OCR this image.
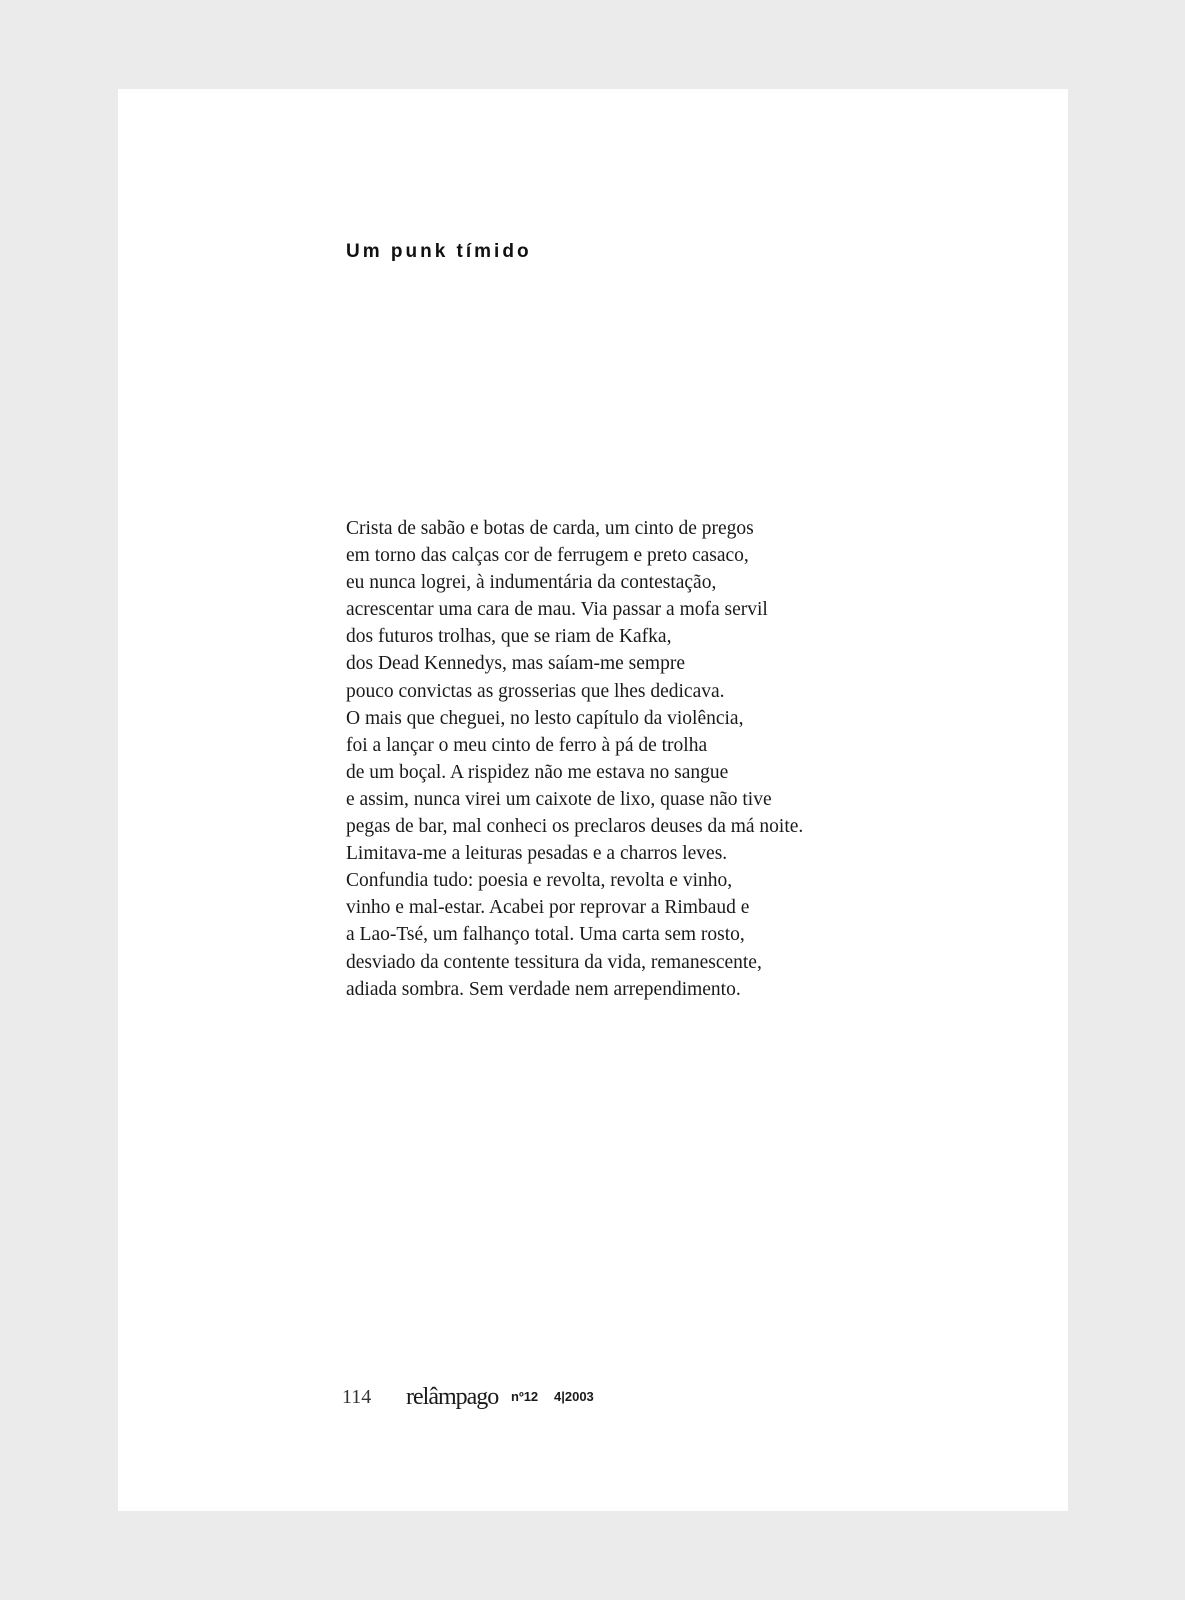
Um punk tímido
Crista de sabão e botas de carda, um cinto de pregos
em torno das calças cor de ferrugem e preto casaco,
eu nunca logrei, à indumentária da contestação,
acrescentar uma cara de mau. Via passar a mofa servil
dos futuros trolhas, que se riam de Kafka,
dos Dead Kennedys, mas saíam-me sempre
pouco convictas as grosserias que lhes dedicava.
O mais que cheguei, no lesto capítulo da violência,
foi a lançar o meu cinto de ferro à pá de trolha
de um boçal. A rispidez não me estava no sangue
e assim, nunca virei um caixote de lixo, quase não tive
pegas de bar, mal conheci os preclaros deuses da má noite.
Limitava-me a leituras pesadas e a charros leves.
Confundia tudo: poesia e revolta, revolta e vinho,
vinho e mal-estar. Acabei por reprovar a Rimbaud e
a Lao-Tsé, um falhanço total. Uma carta sem rosto,
desviado da contente tessitura da vida, remanescente,
adiada sombra. Sem verdade nem arrependimento.
114 relâmpago nº12 4|2003
